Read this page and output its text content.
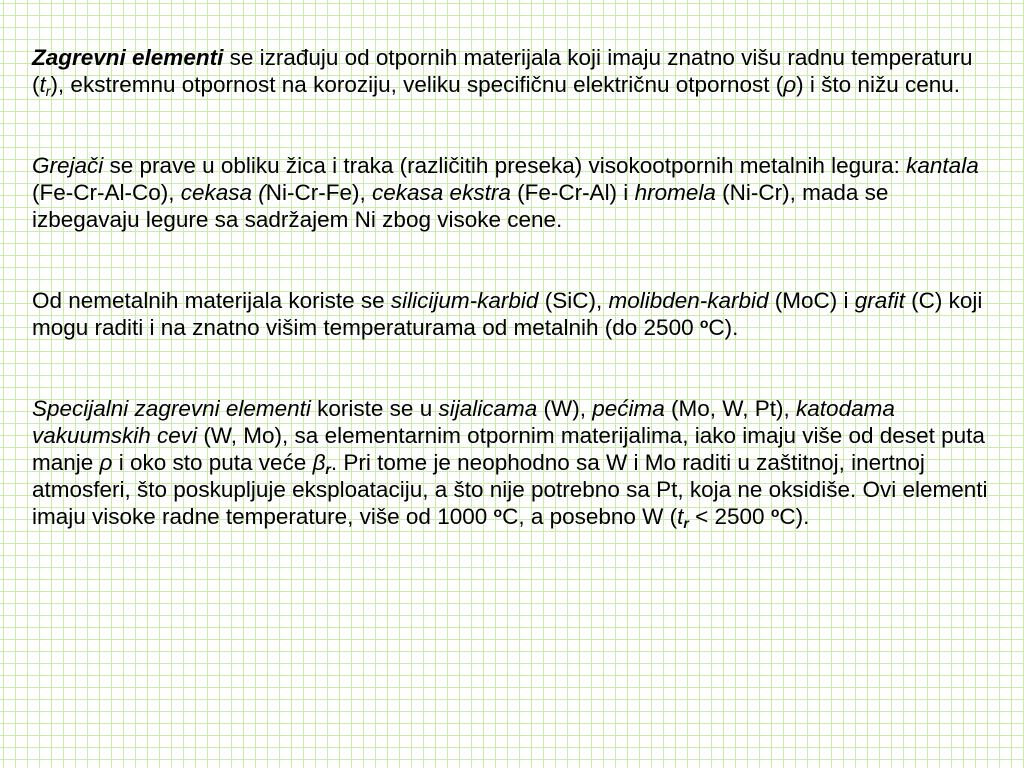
Zagrevni elementi se izrađuju od otpornih materijala koji imaju znatno višu radnu temperaturu $(t_r)$, ekstremnu otpornost na koroziju, veliku specifičnu električnu otpornost (ρ) i što nižu cenu.

Grejači se prave u obliku žica i traka (različitih preseka) visokootpornih metalnih legura: kantala (Fe-Cr-Al-Co), cekasa (Ni-Cr-Fe), cekasa ekstra (Fe-Cr-Al) i hromela (Ni-Cr), mada se izbegavaju legure sa sadržajem Ni zbog visoke cene.

Od nemetalnih materijala koriste se silicijum-karbid (SiC), molibden-karbid (MoC) i grafit (C) koji mogu raditi i na znatno višim temperaturama od metalnih (do 2500 $^o$C).

Specijalni zagrevni elementi koriste se u sijalicama (W), pećima (Mo, W, Pt), katodama vakuumskih cevi (W, Mo), sa elementarnim otpornim materijalima, iako imaju više od deset puta manje ρ i oko sto puta veće $\beta_r$. Pri tome je neophodno sa W i Mo raditi u zaštitnoj, inertnoj atmosferi, što poskupljuje eksploataciju, a što nije potrebno sa Pt, koja ne oksidiše. Ovi elementi imaju visoke radne temperature, više od 1000 $^o$C, a posebno W ($t_r < 2500$ $^o$C).
